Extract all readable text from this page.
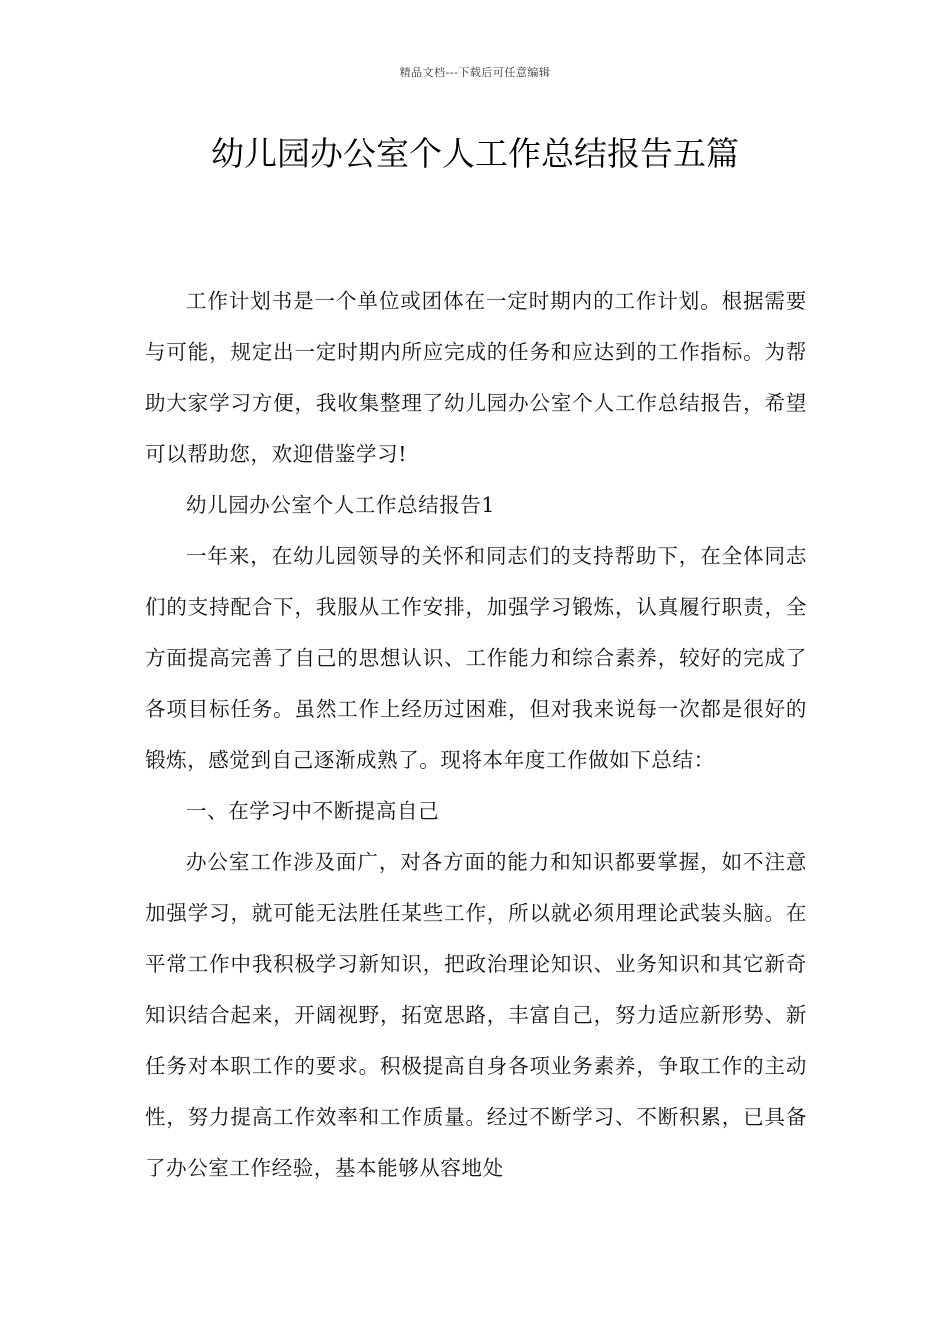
精品文档---下载后可任意编辑
幼儿园办公室个人工作总结报告五篇

工作计划书是一个单位或团体在一定时期内的工作计划。根据需要与可能，规定出一定时期内所应完成的任务和应达到的工作指标。为帮助大家学习方便，我收集整理了幼儿园办公室个人工作总结报告，希望可以帮助您，欢迎借鉴学习!

幼儿园办公室个人工作总结报告1

一年来，在幼儿园领导的关怀和同志们的支持帮助下，在全体同志们的支持配合下，我服从工作安排，加强学习锻炼，认真履行职责，全方面提高完善了自己的思想认识、工作能力和综合素养，较好的完成了各项目标任务。虽然工作上经历过困难，但对我来说每一次都是很好的锻炼，感觉到自己逐渐成熟了。现将本年度工作做如下总结：

一、在学习中不断提高自己

办公室工作涉及面广，对各方面的能力和知识都要掌握，如不注意加强学习，就可能无法胜任某些工作，所以就必须用理论武装头脑。在平常工作中我积极学习新知识，把政治理论知识、业务知识和其它新奇知识结合起来，开阔视野，拓宽思路，丰富自己，努力适应新形势、新任务对本职工作的要求。积极提高自身各项业务素养，争取工作的主动性，努力提高工作效率和工作质量。经过不断学习、不断积累，已具备了办公室工作经验，基本能够从容地处
